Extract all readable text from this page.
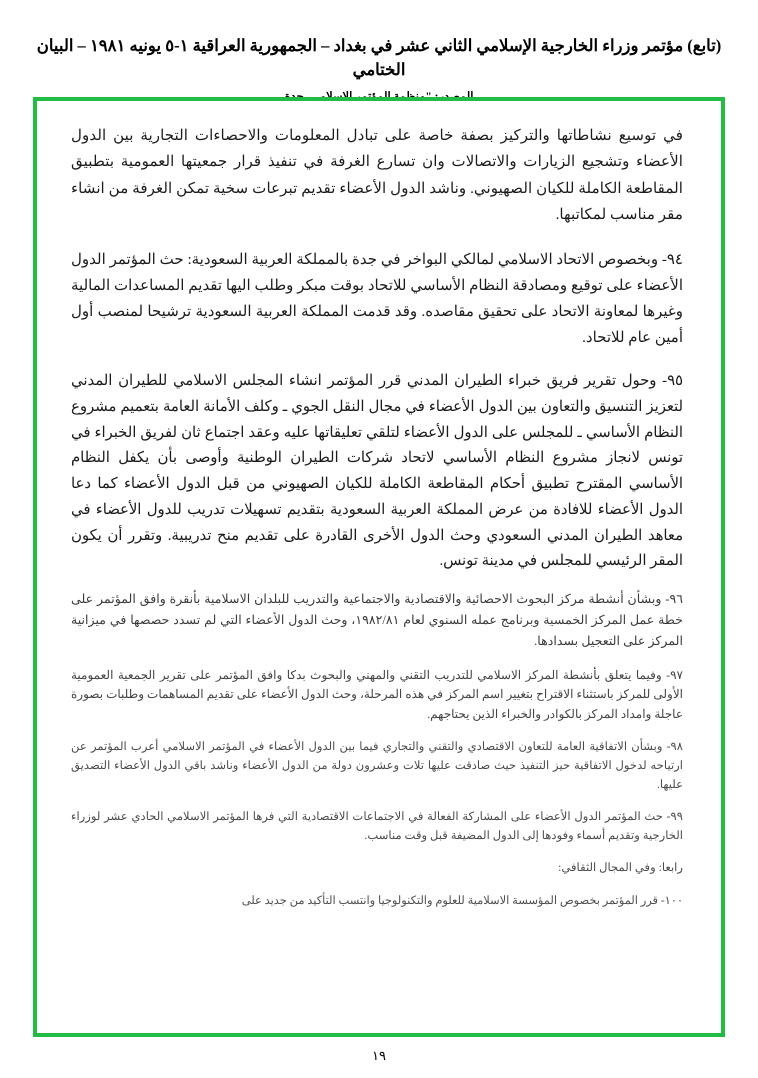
(تابع) مؤتمر وزراء الخارجية الإسلامي الثاني عشر في بغداد – الجمهورية العراقية ١-٥ يونيه ١٩٨١ – البيان الختامي

في توسيع نشاطاتها والتركيز بصفة خاصة على تبادل المعلومات والاحصاءات التجارية بين الدول الأعضاء وتشجيع الزيارات والاتصالات وان تسارع الغرفة في تنفيذ قرار جمعيتها العمومية بتطبيق المقاطعة الكاملة للكيان الصهيوني. وناشد الدول الأعضاء تقديم تبرعات سخية تمكن الغرفة من انشاء مقر مناسب لمكاتبها.

٩٤- وبخصوص الاتحاد الاسلامي لمالكي البواخر في جدة بالمملكة العربية السعودية: حث المؤتمر الدول الأعضاء على توقيع ومصادقة النظام الأساسي للاتحاد بوقت مبكر وطلب اليها تقديم المساعدات المالية وغيرها لمعاونة الاتحاد على تحقيق مقاصده. وقد قدمت المملكة العربية السعودية ترشيحا لمنصب أول أمين عام للاتحاد.

٩٥- وحول تقرير فريق خبراء الطيران المدني قرر المؤتمر انشاء المجلس الاسلامي للطيران المدني لتعزيز التنسيق والتعاون بين الدول الأعضاء في مجال النقل الجوي ـ وكلف الأمانة العامة بتعميم مشروع النظام الأساسي ـ للمجلس على الدول الأعضاء لتلقي تعليقاتها عليه وعقد اجتماع ثان لفريق الخبراء في تونس لانجاز مشروع النظام الأساسي لاتحاد شركات الطيران الوطنية وأوصى بأن يكفل النظام الأساسي المقترح تطبيق أحكام المقاطعة الكاملة للكيان الصهيوني من قبل الدول الأعضاء كما دعا الدول الأعضاء للافادة من عرض المملكة العربية السعودية بتقديم تسهيلات تدريب للدول الأعضاء في معاهد الطيران المدني السعودي وحث الدول الأخرى القادرة على تقديم منح تدريبية. وتقرر أن يكون المقر الرئيسي للمجلس في مدينة تونس.

٩٦- وبشأن أنشطة مركز البحوث الاحصائية والاقتصادية والاجتماعية والتدريب للبلدان الاسلامية بأنقرة وافق المؤتمر على خطة عمل المركز الخمسية وبرنامج عمله السنوي لعام ١٩٨٢/٨١، وحث الدول الأعضاء التي لم تسدد حصصها في ميزانية المركز على التعجيل بسدادها.

٩٧- وفيما يتعلق بأنشطة المركز الاسلامي للتدريب التقني والمهني والبحوث بدكا وافق المؤتمر على تقرير الجمعية العمومية الأولى للمركز باستثناء الاقتراح بتغيير اسم المركز في هذه المرحلة، وحث الدول الأعضاء على تقديم المساهمات وطلبات بصورة عاجلة وامداد المركز بالكوادر والخبراء الذين يحتاجهم.

٩٨- وبشأن الاتفاقية العامة للتعاون الاقتصادي والتقني والتجاري فيما بين الدول الأعضاء في المؤتمر الاسلامي أعرب المؤتمر عن ارتياحه لدخول الاتفاقية حيز التنفيذ حيث صادقت عليها تلات وعشرون دولة من الدول الأعضاء وناشد باقي الدول الأعضاء التصديق عليها.

٩٩- حث المؤتمر الدول الأعضاء على المشاركة الفعالة في الاجتماعات الاقتصادية التي فرها المؤتمر الاسلامي الحادي عشر لوزراء الخارجية وتقديم أسماء وفودها إلى الدول المضيفة قبل وقت مناسب.

رابعا: وفي المجال الثقافي:

١٠٠- قرر المؤتمر بخصوص المؤسسة الاسلامية للعلوم والتكنولوجيا وانتسب التأكيد من جديد على

١٩
